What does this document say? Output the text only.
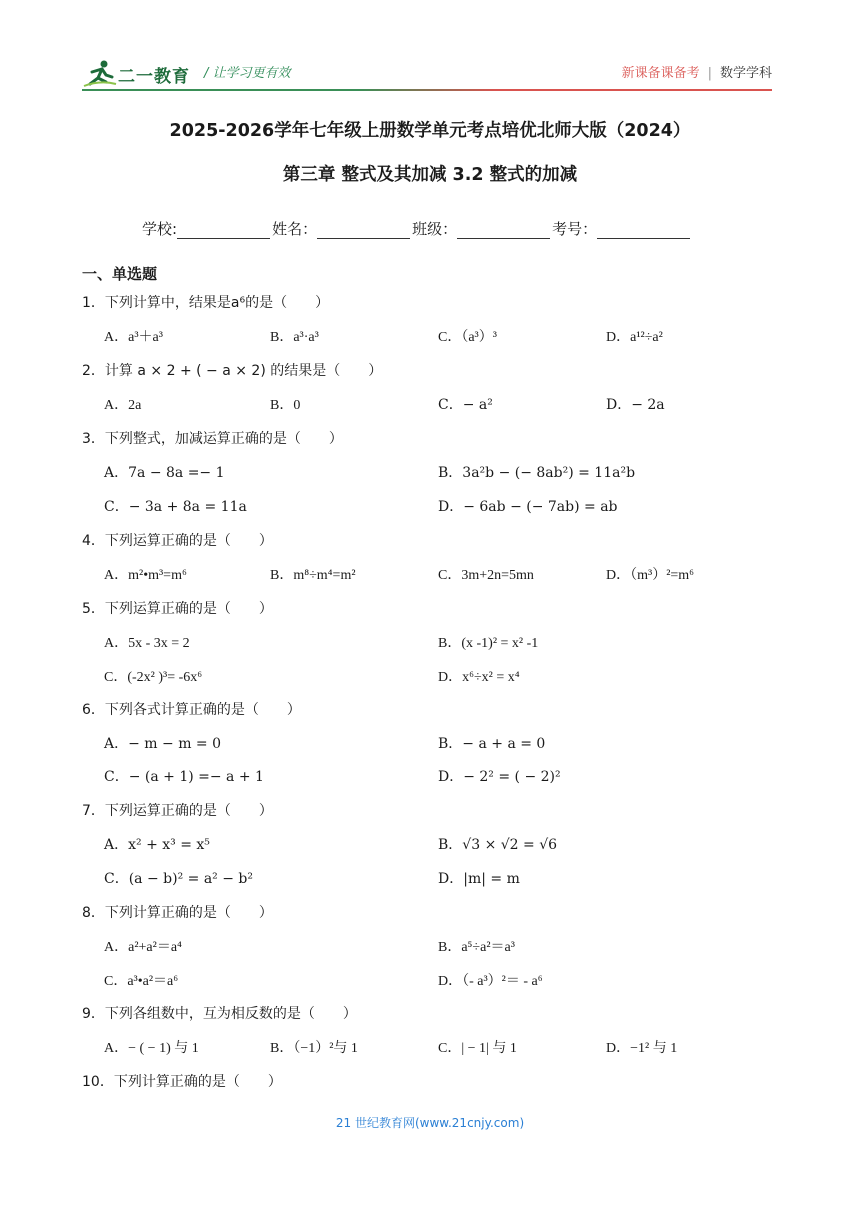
二一教育 / 让学习更有效	新课备课备考 | 数学学科
2025-2026学年七年级上册数学单元考点培优北师大版（2024）
第三章 整式及其加减 3.2 整式的加减
学校:	姓名：	班级：	考号：
一、单选题
1．下列计算中，结果是a⁶的是（　　）
A．a³＋a³	B．a³·a³	C．（a³）³	D．a¹²÷a²
2．计算 a × 2 + ( − a × 2) 的结果是（　　）
A．2a	B．0	C．− a²	D．− 2a
3．下列整式，加减运算正确的是（　　）
A．7a − 8a =− 1	B．3a²b − (− 8ab²) = 11a²b
C．− 3a + 8a = 11a	D．− 6ab − (− 7ab) = ab
4．下列运算正确的是（　　）
A．m²•m³=m⁶	B．m⁸÷m⁴=m²	C．3m+2n=5mn	D．（m³）²=m⁶
5．下列运算正确的是（　　）
A．5x - 3x = 2	B．(x -1)² = x² -1
C．(-2x² )³= -6x⁶	D．x⁶÷x² = x⁴
6．下列各式计算正确的是（　　）
A．− m − m = 0	B．− a + a = 0
C．− (a + 1) =− a + 1	D．− 2² = ( − 2)²
7．下列运算正确的是（　　）
A．x² + x³ = x⁵	B．√3 × √2 = √6
C．(a − b)² = a² − b²	D．|m| = m
8．下列计算正确的是（　　）
A．a²+a²＝a⁴	B．a⁵÷a²＝a³
C．a³•a²＝a⁶	D．（- a³）²＝ - a⁶
9．下列各组数中，互为相反数的是（　　）
A．− ( − 1) 与 1	B．（−1）²与 1	C．| − 1| 与 1	D．−1² 与 1
10．下列计算正确的是（　　）
21 世纪教育网(www.21cnjy.com)
